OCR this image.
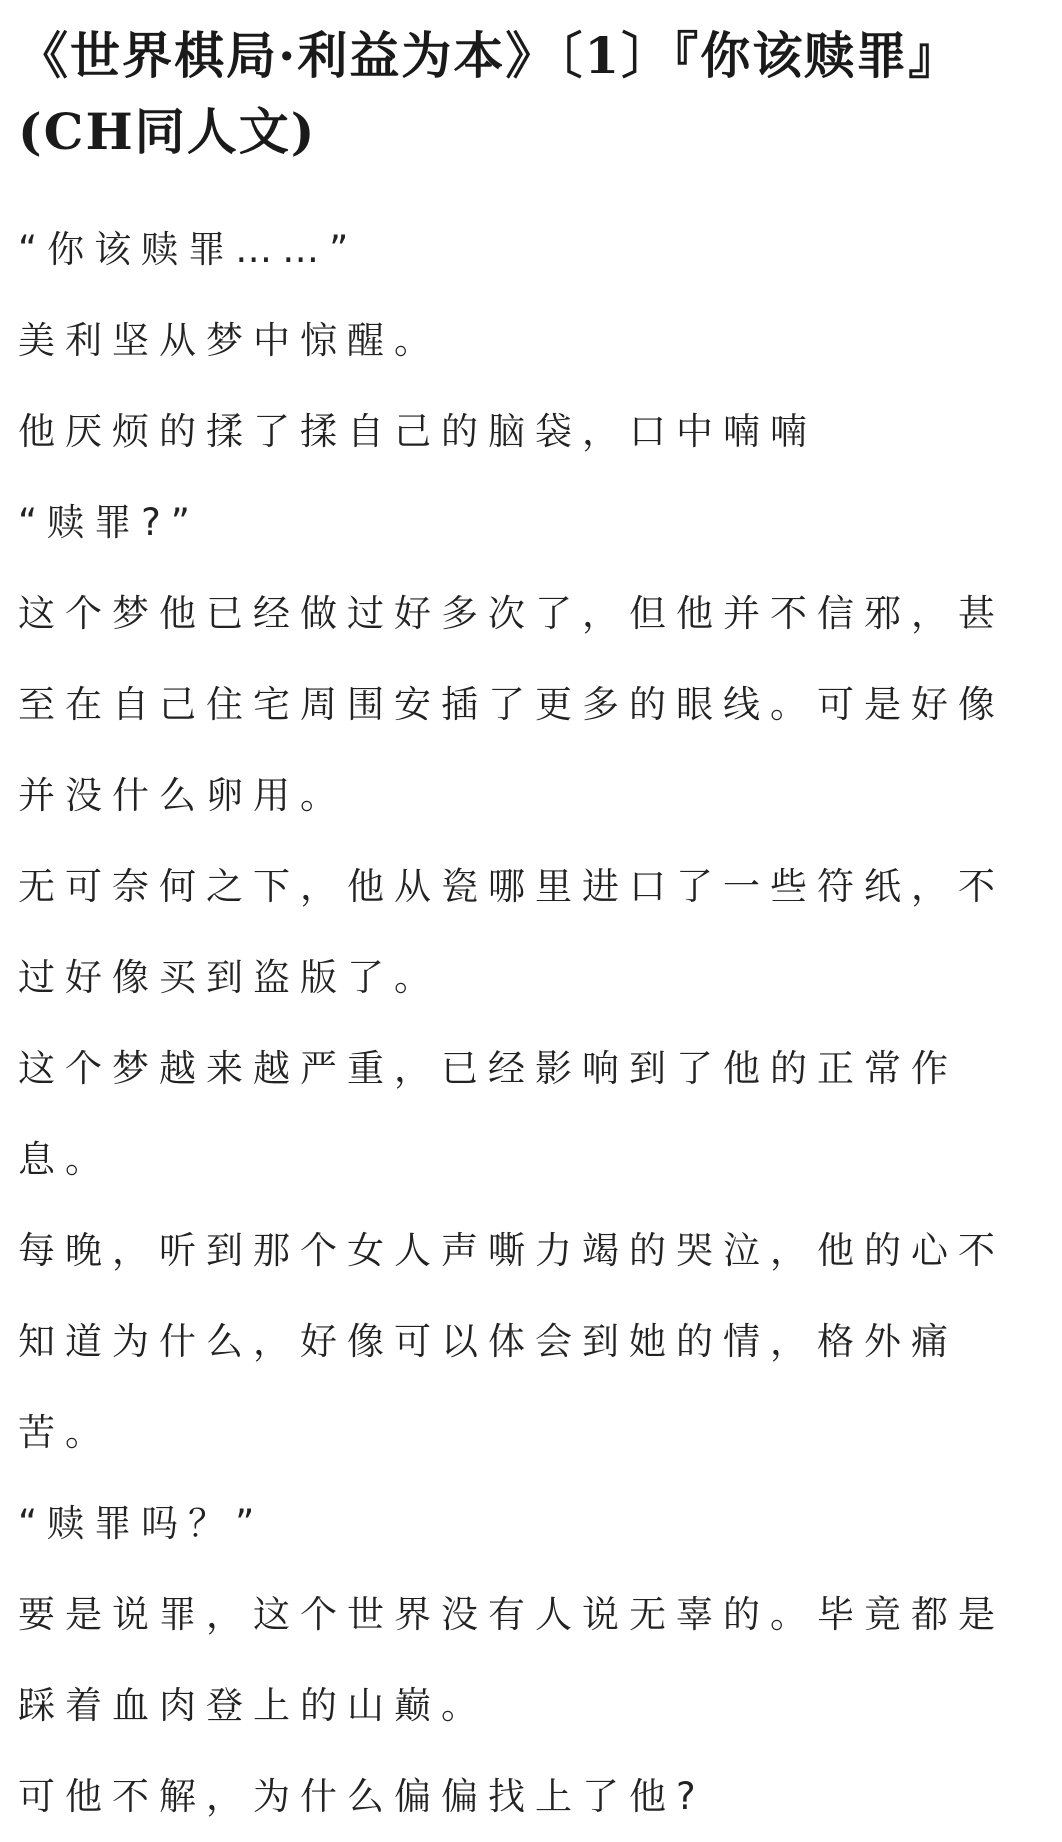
《世界棋局·利益为本》〔1〕『你该赎罪』(CH同人文)

“你该赎罪……”

美利坚从梦中惊醒。

他厌烦的揉了揉自己的脑袋，口中喃喃

“赎罪?”

这个梦他已经做过好多次了，但他并不信邪，甚至在自己住宅周围安插了更多的眼线。可是好像并没什么卵用。

无可奈何之下，他从瓷哪里进口了一些符纸，不过好像买到盗版了。

这个梦越来越严重，已经影响到了他的正常作息。

每晚，听到那个女人声嘶力竭的哭泣，他的心不知道为什么，好像可以体会到她的情，格外痛苦。

“赎罪吗？”

要是说罪，这个世界没有人说无辜的。毕竟都是踩着血肉登上的山巅。

可他不解，为什么偏偏找上了他?
